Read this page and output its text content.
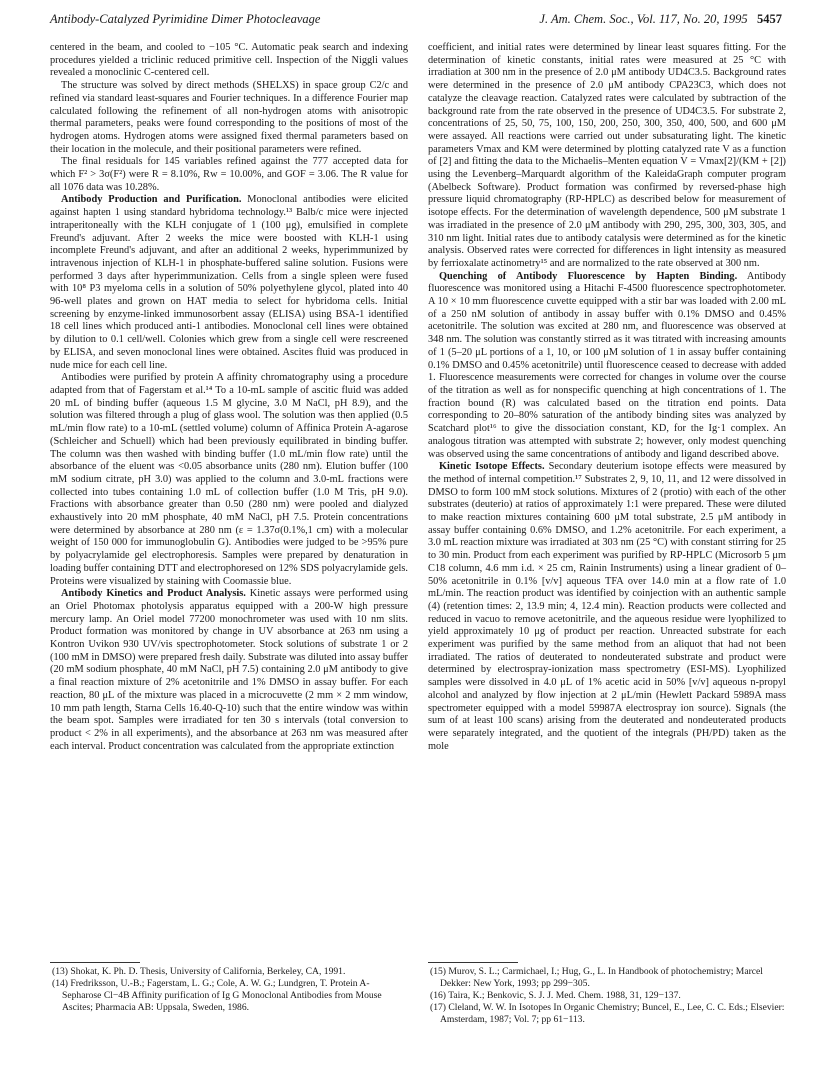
Antibody-Catalyzed Pyrimidine Dimer Photocleavage	J. Am. Chem. Soc., Vol. 117, No. 20, 1995 5457

centered in the beam, and cooled to −105 °C. Automatic peak search and indexing procedures yielded a triclinic reduced primitive cell. Inspection of the Niggli values revealed a monoclinic C-centered cell.

The structure was solved by direct methods (SHELXS) in space group C2/c and refined via standard least-squares and Fourier techniques. In a difference Fourier map calculated following the refinement of all non-hydrogen atoms with anisotropic thermal parameters, peaks were found corresponding to the positions of most of the hydrogen atoms. Hydrogen atoms were assigned fixed thermal parameters based on their location in the molecule, and their positional parameters were refined.

The final residuals for 145 variables refined against the 777 accepted data for which F² > 3σ(F²) were R = 8.10%, Rw = 10.00%, and GOF = 3.06. The R value for all 1076 data was 10.28%.

Antibody Production and Purification. Monoclonal antibodies were elicited against hapten 1 using standard hybridoma technology.¹³ Balb/c mice were injected intraperitoneally with the KLH conjugate of 1 (100 μg), emulsified in complete Freund's adjuvant. After 2 weeks the mice were boosted with KLH-1 using incomplete Freund's adjuvant, and after an additional 2 weeks, hyperimmunized by intravenous injection of KLH-1 in phosphate-buffered saline solution. Fusions were performed 3 days after hyperimmunization. Cells from a single spleen were fused with 10⁸ P3 myeloma cells in a solution of 50% polyethylene glycol, plated into 40 96-well plates and grown on HAT media to select for hybridoma cells. Initial screening by enzyme-linked immunosorbent assay (ELISA) using BSA-1 identified 18 cell lines which produced anti-1 antibodies. Monoclonal cell lines were obtained by dilution to 0.1 cell/well. Colonies which grew from a single cell were rescreened by ELISA, and seven monoclonal lines were obtained. Ascites fluid was produced in nude mice for each cell line.

Antibodies were purified by protein A affinity chromatography using a procedure adapted from that of Fagerstam et al.¹⁴ To a 10-mL sample of ascitic fluid was added 20 mL of binding buffer (aqueous 1.5 M glycine, 3.0 M NaCl, pH 8.9), and the solution was filtered through a plug of glass wool. The solution was then applied (0.5 mL/min flow rate) to a 10-mL (settled volume) column of Affinica Protein A-agarose (Schleicher and Schuell) which had been previously equilibrated in binding buffer. The column was then washed with binding buffer (1.0 mL/min flow rate) until the absorbance of the eluent was <0.05 absorbance units (280 nm). Elution buffer (100 mM sodium citrate, pH 3.0) was applied to the column and 3.0-mL fractions were collected into tubes containing 1.0 mL of collection buffer (1.0 M Tris, pH 9.0). Fractions with absorbance greater than 0.50 (280 nm) were pooled and dialyzed exhaustively into 20 mM phosphate, 40 mM NaCl, pH 7.5. Protein concentrations were determined by absorbance at 280 nm (ε = 1.37σ(0.1%,1 cm) with a molecular weight of 150 000 for immunoglobulin G). Antibodies were judged to be >95% pure by polyacrylamide gel electrophoresis. Samples were prepared by denaturation in loading buffer containing DTT and electrophoresed on 12% SDS polyacrylamide gels. Proteins were visualized by staining with Coomassie blue.

Antibody Kinetics and Product Analysis. Kinetic assays were performed using an Oriel Photomax photolysis apparatus equipped with a 200-W high pressure mercury lamp. An Oriel model 77200 monochrometer was used with 10 nm slits. Product formation was monitored by change in UV absorbance at 263 nm using a Kontron Uvikon 930 UV/vis spectrophotometer. Stock solutions of substrate 1 or 2 (100 mM in DMSO) were prepared fresh daily. Substrate was diluted into assay buffer (20 mM sodium phosphate, 40 mM NaCl, pH 7.5) containing 2.0 μM antibody to give a final reaction mixture of 2% acetonitrile and 1% DMSO in assay buffer. For each reaction, 80 μL of the mixture was placed in a microcuvette (2 mm × 2 mm window, 10 mm path length, Starna Cells 16.40-Q-10) such that the entire window was within the beam spot. Samples were irradiated for ten 30 s intervals (total conversion to product < 2% in all experiments), and the absorbance at 263 nm was measured after each interval. Product concentration was calculated from the appropriate extinction

coefficient, and initial rates were determined by linear least squares fitting. For the determination of kinetic constants, initial rates were measured at 25 °C with irradiation at 300 nm in the presence of 2.0 μM antibody UD4C3.5. Background rates were determined in the presence of 2.0 μM antibody CPA23C3, which does not catalyze the cleavage reaction. Catalyzed rates were calculated by subtraction of the background rate from the rate observed in the presence of UD4C3.5. For substrate 2, concentrations of 25, 50, 75, 100, 150, 200, 250, 300, 350, 400, 500, and 600 μM were assayed. All reactions were carried out under subsaturating light. The kinetic parameters Vmax and KM were determined by plotting catalyzed rate V as a function of [2] and fitting the data to the Michaelis–Menten equation V = Vmax[2]/(KM + [2]) using the Levenberg–Marquardt algorithm of the KaleidaGraph computer program (Abelbeck Software). Product formation was confirmed by reversed-phase high pressure liquid chromatography (RP-HPLC) as described below for measurement of isotope effects. For the determination of wavelength dependence, 500 μM substrate 1 was irradiated in the presence of 2.0 μM antibody with 290, 295, 300, 303, 305, and 310 nm light. Initial rates due to antibody catalysis were determined as for the kinetic analysis. Observed rates were corrected for differences in light intensity as measured by ferrioxalate actinometry¹⁵ and are normalized to the rate observed at 300 nm.

Quenching of Antibody Fluorescence by Hapten Binding. Antibody fluorescence was monitored using a Hitachi F-4500 fluorescence spectrophotometer. A 10 × 10 mm fluorescence cuvette equipped with a stir bar was loaded with 2.00 mL of a 250 nM solution of antibody in assay buffer with 0.1% DMSO and 0.45% acetonitrile. The solution was excited at 280 nm, and fluorescence was observed at 348 nm. The solution was constantly stirred as it was titrated with increasing amounts of 1 (5–20 μL portions of a 1, 10, or 100 μM solution of 1 in assay buffer containing 0.1% DMSO and 0.45% acetonitrile) until fluorescence ceased to decrease with added 1. Fluorescence measurements were corrected for changes in volume over the course of the titration as well as for nonspecific quenching at high concentrations of 1. The fraction bound (R) was calculated based on the titration end points. Data corresponding to 20–80% saturation of the antibody binding sites was analyzed by Scatchard plot¹⁶ to give the dissociation constant, KD, for the Ig·1 complex. An analogous titration was attempted with substrate 2; however, only modest quenching was observed using the same concentrations of antibody and ligand described above.

Kinetic Isotope Effects. Secondary deuterium isotope effects were measured by the method of internal competition.¹⁷ Substrates 2, 9, 10, 11, and 12 were dissolved in DMSO to form 100 mM stock solutions. Mixtures of 2 (protio) with each of the other substrates (deuterio) at ratios of approximately 1:1 were prepared. These were diluted to make reaction mixtures containing 600 μM total substrate, 2.5 μM antibody in assay buffer containing 0.6% DMSO, and 1.2% acetonitrile. For each experiment, a 3.0 mL reaction mixture was irradiated at 303 nm (25 °C) with constant stirring for 25 to 30 min. Product from each experiment was purified by RP-HPLC (Microsorb 5 μm C18 column, 4.6 mm i.d. × 25 cm, Rainin Instruments) using a linear gradient of 0–50% acetonitrile in 0.1% [v/v] aqueous TFA over 14.0 min at a flow rate of 1.0 mL/min. The reaction product was identified by coinjection with an authentic sample (4) (retention times: 2, 13.9 min; 4, 12.4 min). Reaction products were collected and reduced in vacuo to remove acetonitrile, and the aqueous residue were lyophilized to yield approximately 10 μg of product per reaction. Unreacted substrate for each experiment was purified by the same method from an aliquot that had not been irradiated. The ratios of deuterated to nondeuterated substrate and product were determined by electrospray-ionization mass spectrometry (ESI-MS). Lyophilized samples were dissolved in 4.0 μL of 1% acetic acid in 50% [v/v] aqueous n-propyl alcohol and analyzed by flow injection at 2 μL/min (Hewlett Packard 5989A mass spectrometer equipped with a model 59987A electrospray ion source). Signals (the sum of at least 100 scans) arising from the deuterated and nondeuterated products were separately integrated, and the quotient of the integrals (PH/PD) taken as the mole

(13) Shokat, K. Ph. D. Thesis, University of California, Berkeley, CA, 1991.

(14) Fredriksson, U.-B.; Fagerstam, L. G.; Cole, A. W. G.; Lundgren, T. Protein A-Sepharose Cl−4B Affinity purification of Ig G Monoclonal Antibodies from Mouse Ascites; Pharmacia AB: Uppsala, Sweden, 1986.

(15) Murov, S. L.; Carmichael, I.; Hug, G., L. In Handbook of photochemistry; Marcel Dekker: New York, 1993; pp 299−305.

(16) Taira, K.; Benkovic, S. J. J. Med. Chem. 1988, 31, 129−137.

(17) Cleland, W. W. In Isotopes In Organic Chemistry; Buncel, E., Lee, C. C. Eds.; Elsevier: Amsterdam, 1987; Vol. 7; pp 61−113.
